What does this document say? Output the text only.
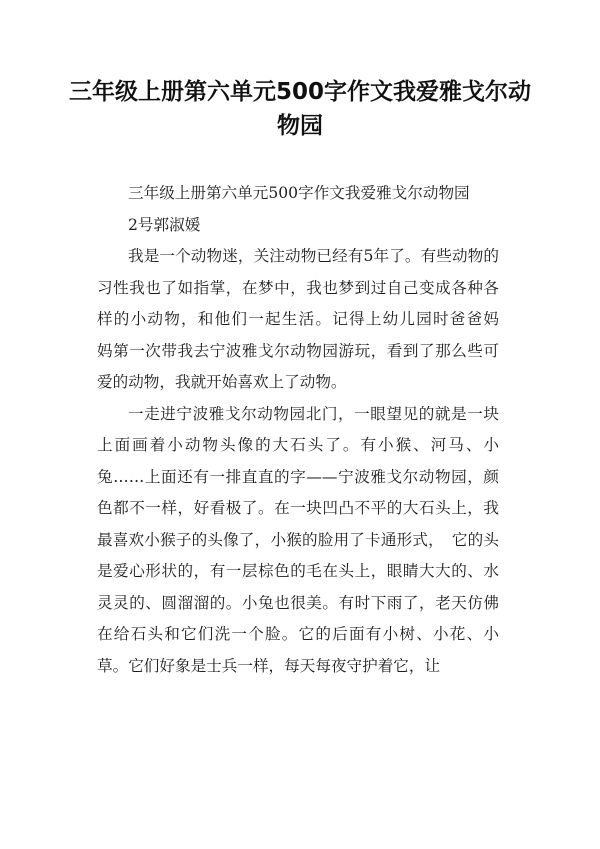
三年级上册第六单元500字作文我爱雅戈尔动物园

三年级上册第六单元500字作文我爱雅戈尔动物园

2号郭淑媛

我是一个动物迷，关注动物已经有5年了。有些动物的习性我也了如指掌，在梦中，我也梦到过自己变成各种各样的小动物，和他们一起生活。记得上幼儿园时爸爸妈　妈第一次带我去宁波雅戈尔动物园游玩，看到了那么些可爱的动物，我就开始喜欢上了动物。

一走进宁波雅戈尔动物园北门，一眼望见的就是一块上面画着小动物头像的大石头了。有小猴、河马、小兔……上面还有一排直直的字——宁波雅戈尔动物园，颜色都不一样，好看极了。在一块凹凸不平的大石头上，我最喜欢小猴子的头像了，小猴的脸用了卡通形式，　它的头是爱心形状的，有一层棕色的毛在头上，眼睛大大的、水灵灵的、圆溜溜的。小兔也很美。有时下雨了，老天仿佛在给石头和它们洗一个脸。它的后面有小树、小花、小草。它们好象是士兵一样，每天每夜守护着它，让
